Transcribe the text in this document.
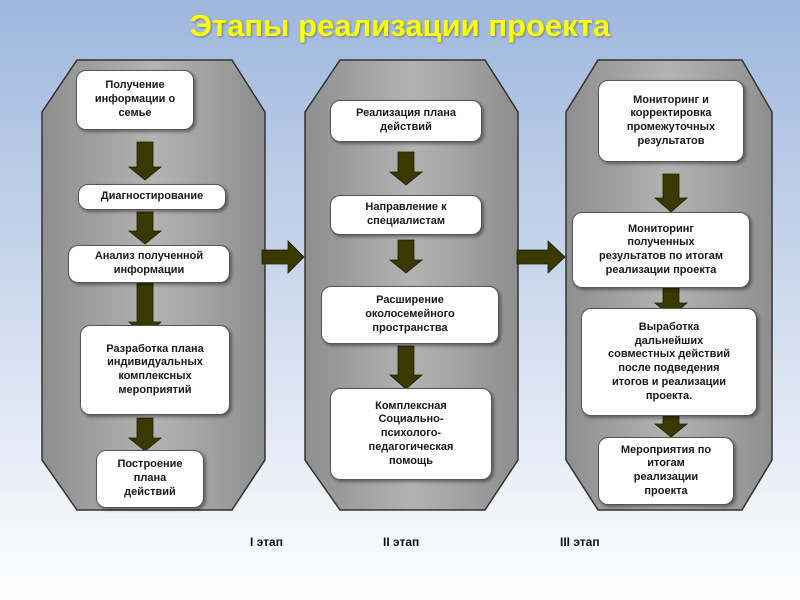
Этапы реализации проекта
Получение
информации о
семье
Диагностирование
Анализ полученной
информации
Разработка плана
индивидуальных
комплексных
мероприятий
Построение
плана
действий
Реализация плана
действий
Направление к
специалистам
Расширение
околосемейного
пространства
Комплексная
Социально-
психолого-
педагогическая
помощь
Мониторинг и
корректировка
промежуточных
результатов
Мониторинг
полученных
результатов по итогам
реализации проекта
Выработка
дальнейших
совместных действий
после подведения
итогов и реализации
проекта.
Мероприятия по
итогам
реализации
проекта
I этап	II этап	III этап
